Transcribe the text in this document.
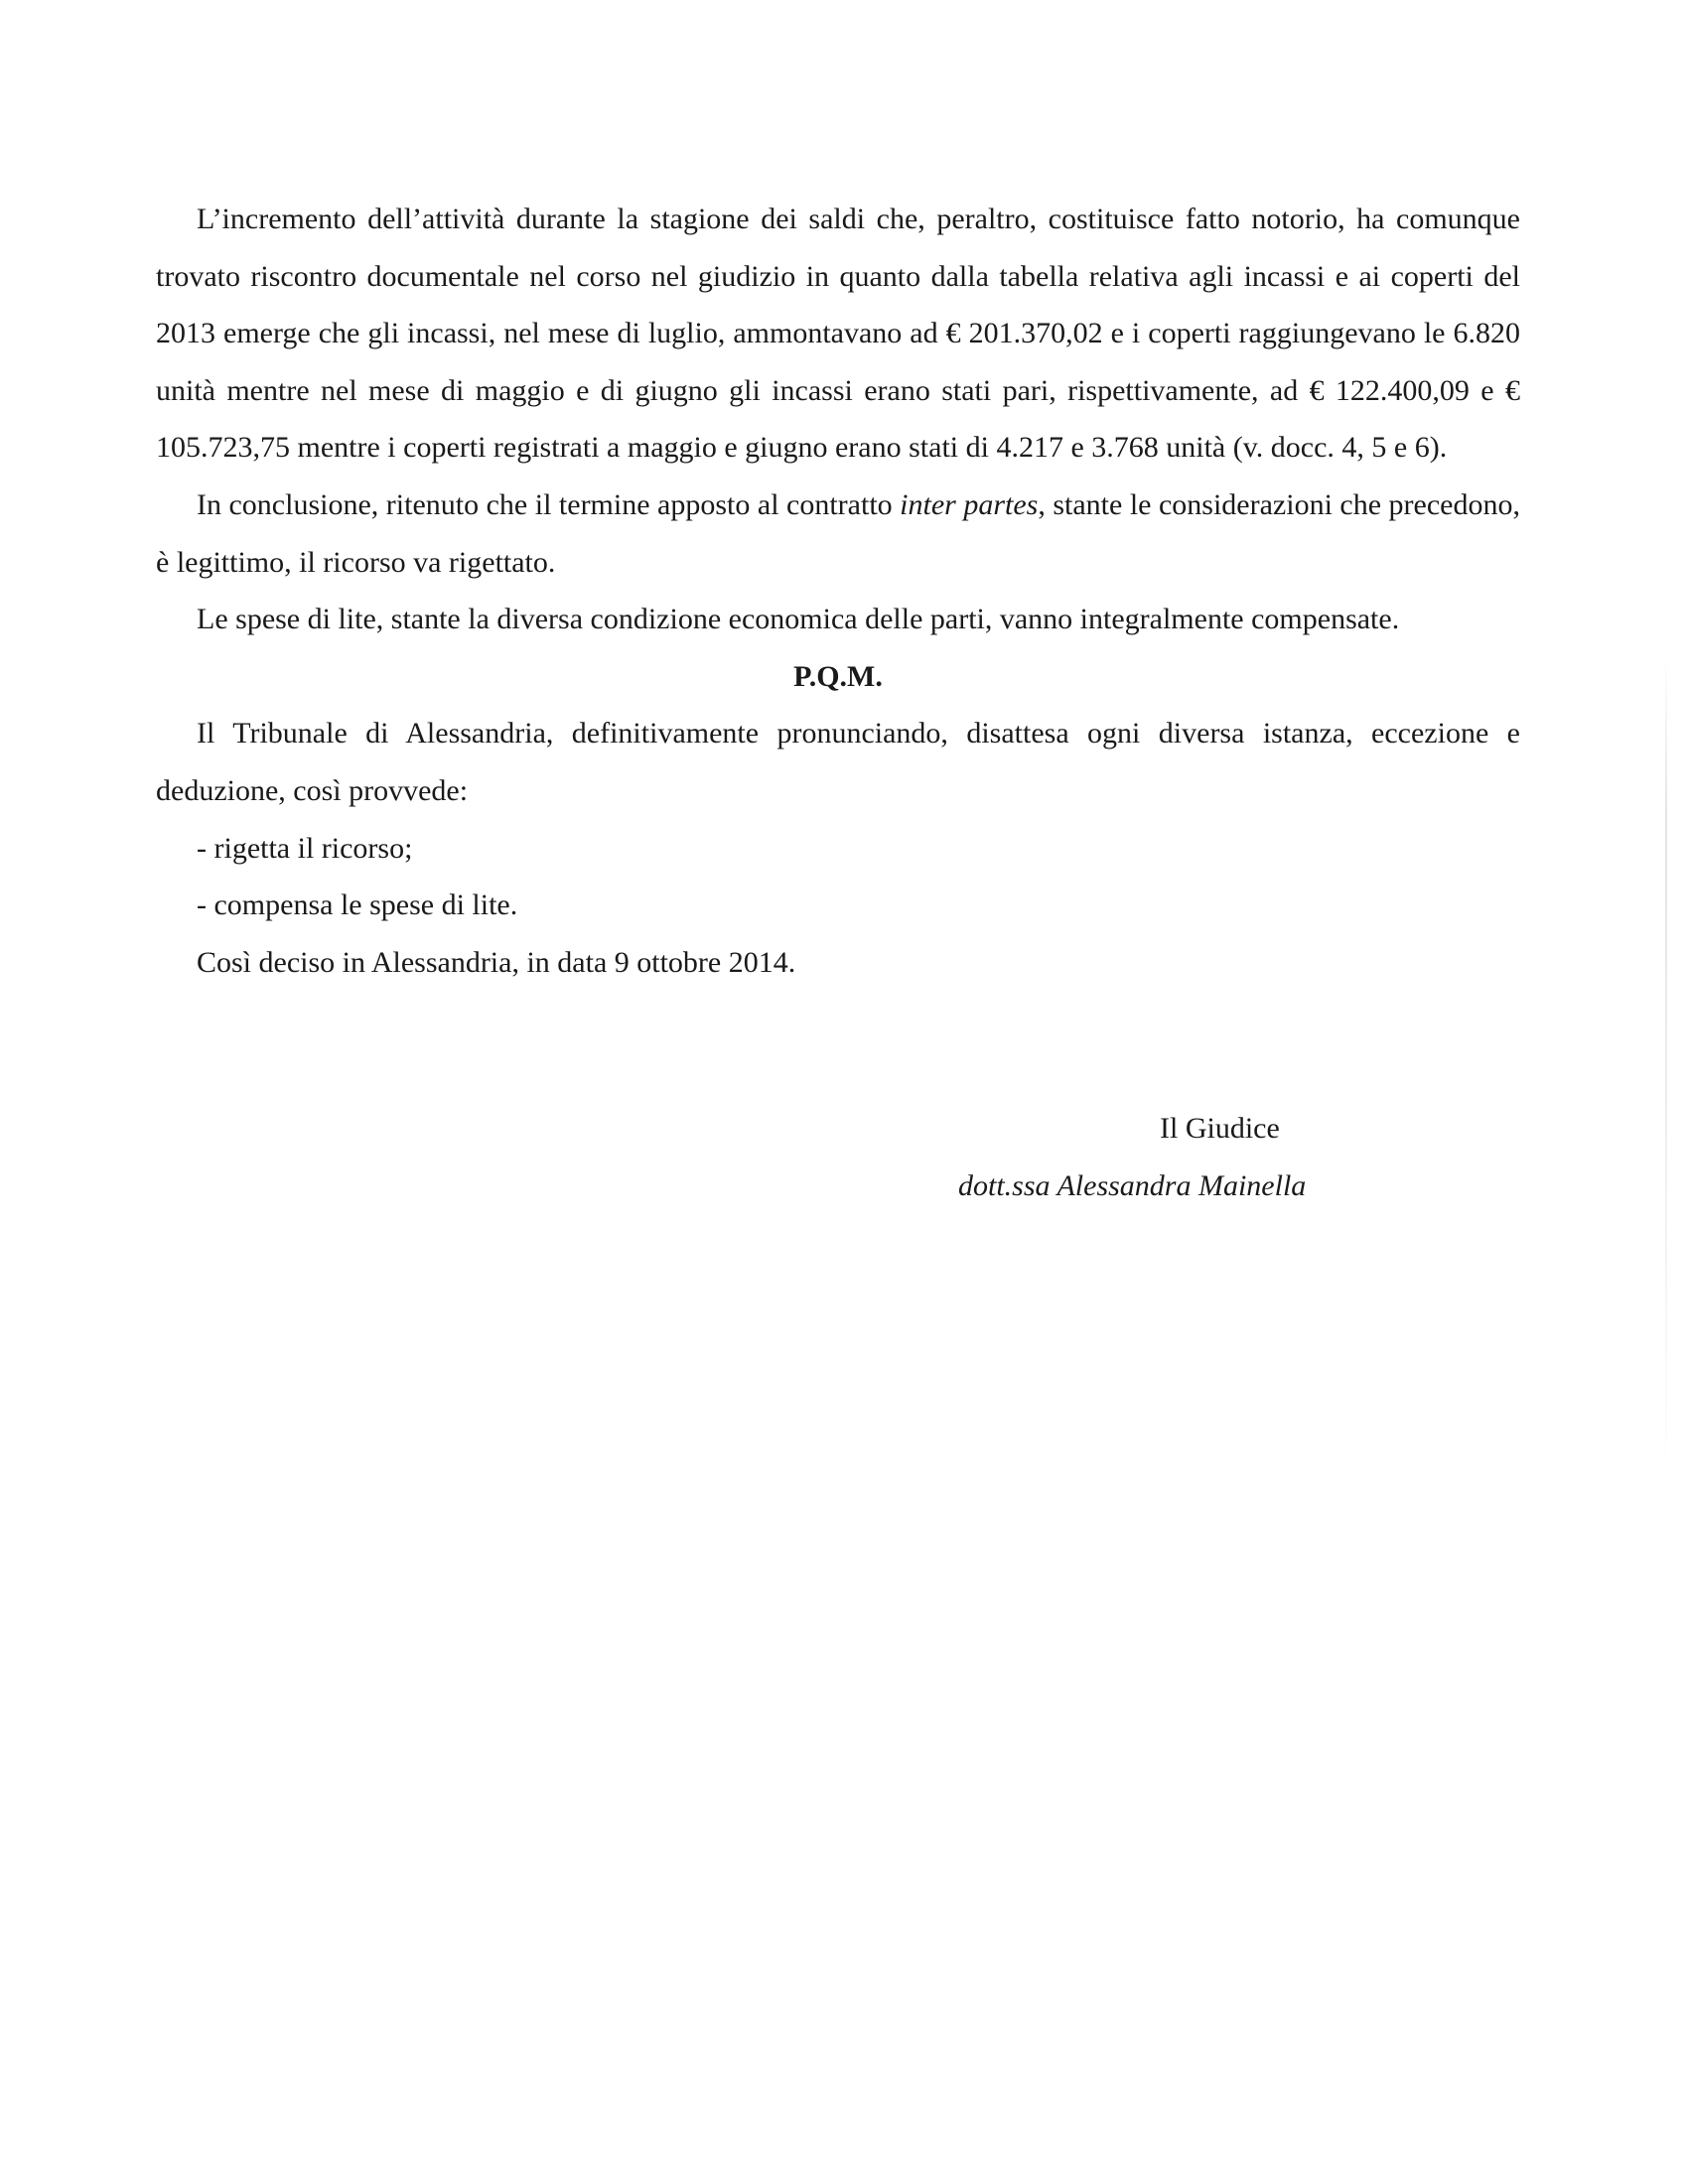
L’incremento dell’attività durante la stagione dei saldi che, peraltro, costituisce fatto notorio, ha comunque trovato riscontro documentale nel corso nel giudizio in quanto dalla tabella relativa agli incassi e ai coperti del 2013 emerge che gli incassi, nel mese di luglio, ammontavano ad € 201.370,02 e i coperti raggiungevano le 6.820 unità mentre nel mese di maggio e di giugno gli incassi erano stati pari, rispettivamente, ad € 122.400,09 e € 105.723,75 mentre i coperti registrati a maggio e giugno erano stati di 4.217 e 3.768 unità (v. docc. 4, 5 e 6).

In conclusione, ritenuto che il termine apposto al contratto inter partes, stante le considerazioni che precedono, è legittimo, il ricorso va rigettato.

Le spese di lite, stante la diversa condizione economica delle parti, vanno integralmente compensate.

P.Q.M.

Il Tribunale di Alessandria, definitivamente pronunciando, disattesa ogni diversa istanza, eccezione e deduzione, così provvede:

- rigetta il ricorso;

- compensa le spese di lite.

Così deciso in Alessandria, in data 9 ottobre 2014.

Il Giudice
dott.ssa Alessandra Mainella
